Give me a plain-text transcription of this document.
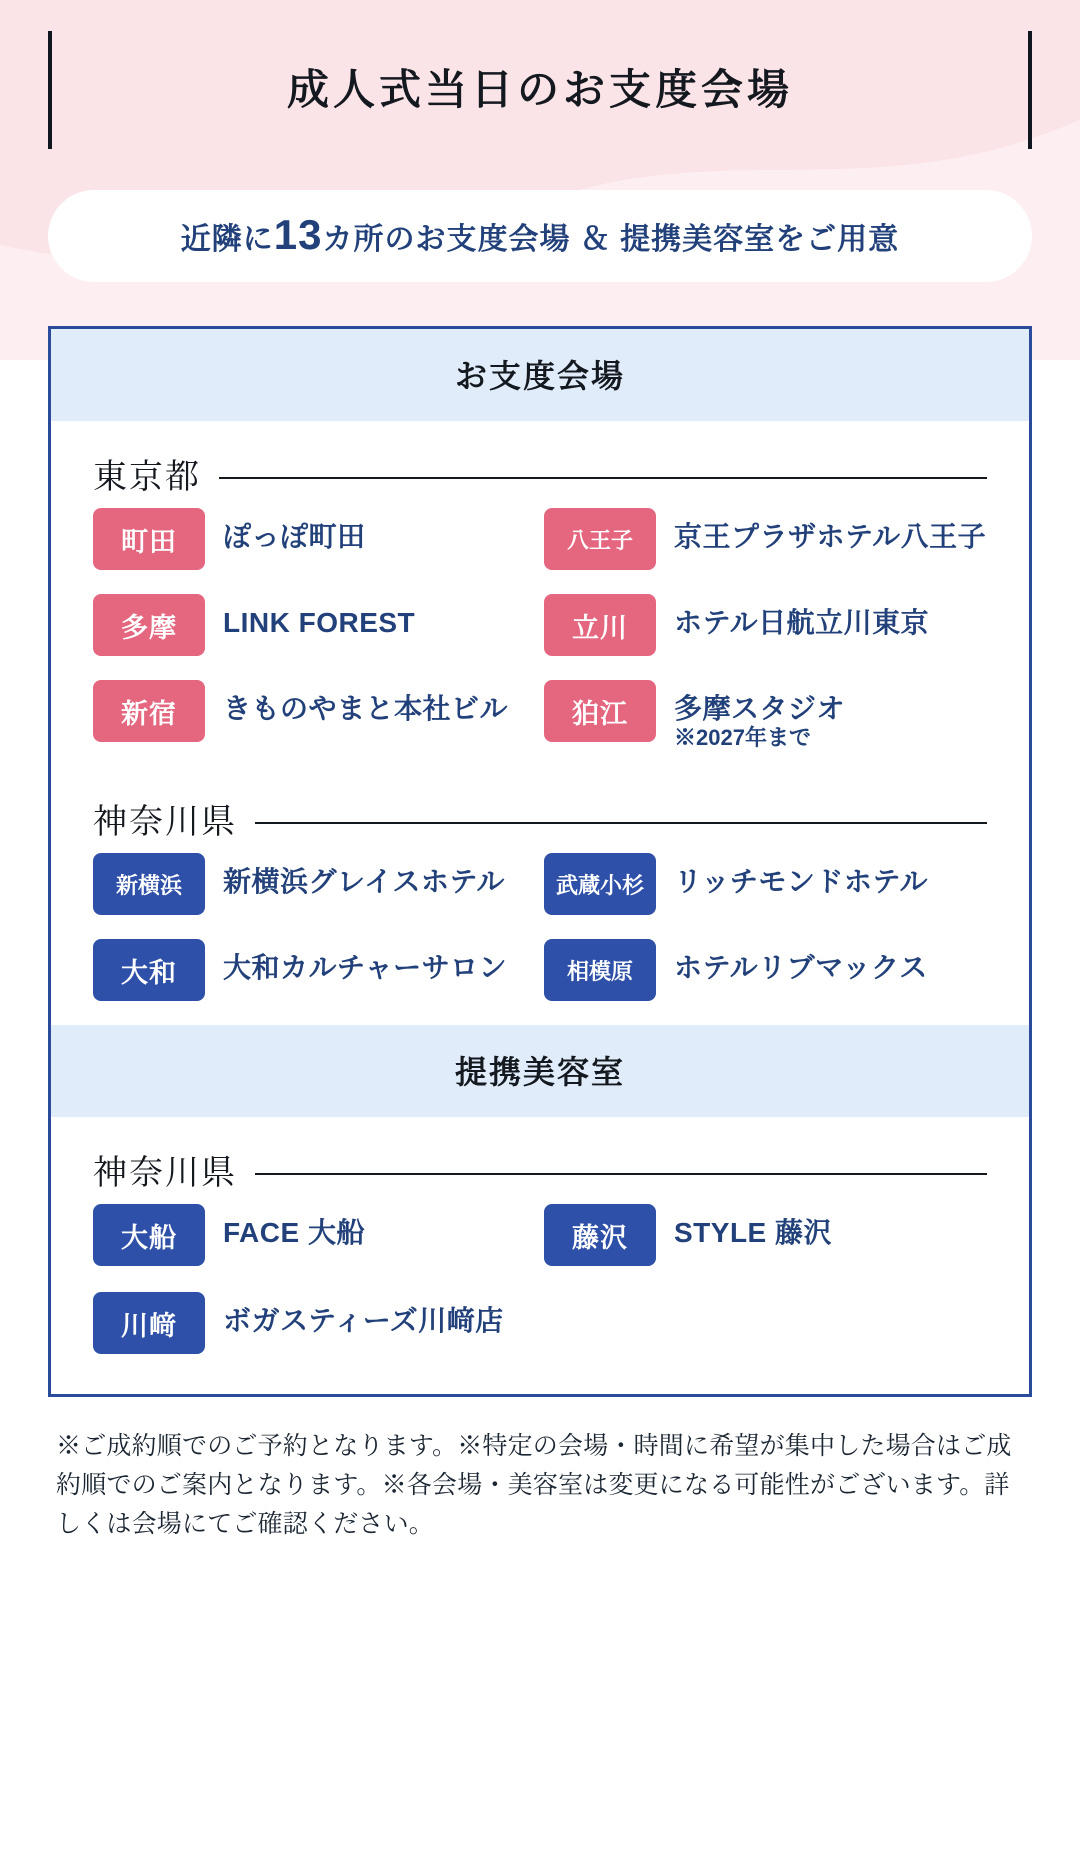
成人式当日のお支度会場
近隣に13カ所のお支度会場 ＆ 提携美容室をご用意
お支度会場
東京都
町田	ぽっぽ町田	八王子	京王プラザホテル八王子
多摩	LINK FOREST	立川	ホテル日航立川東京
新宿	きものやまと本社ビル	狛江	多摩スタジオ
※2027年まで
神奈川県
新横浜	新横浜グレイスホテル	武蔵小杉	リッチモンドホテル
大和	大和カルチャーサロン	相模原	ホテルリブマックス
提携美容室
神奈川県
大船	FACE 大船	藤沢	STYLE 藤沢
川﨑	ボガスティーズ川﨑店
※ご成約順でのご予約となります。※特定の会場・時間に希望が集中した場合はご成約順でのご案内となります。※各会場・美容室は変更になる可能性がございます。詳しくは会場にてご確認ください。
